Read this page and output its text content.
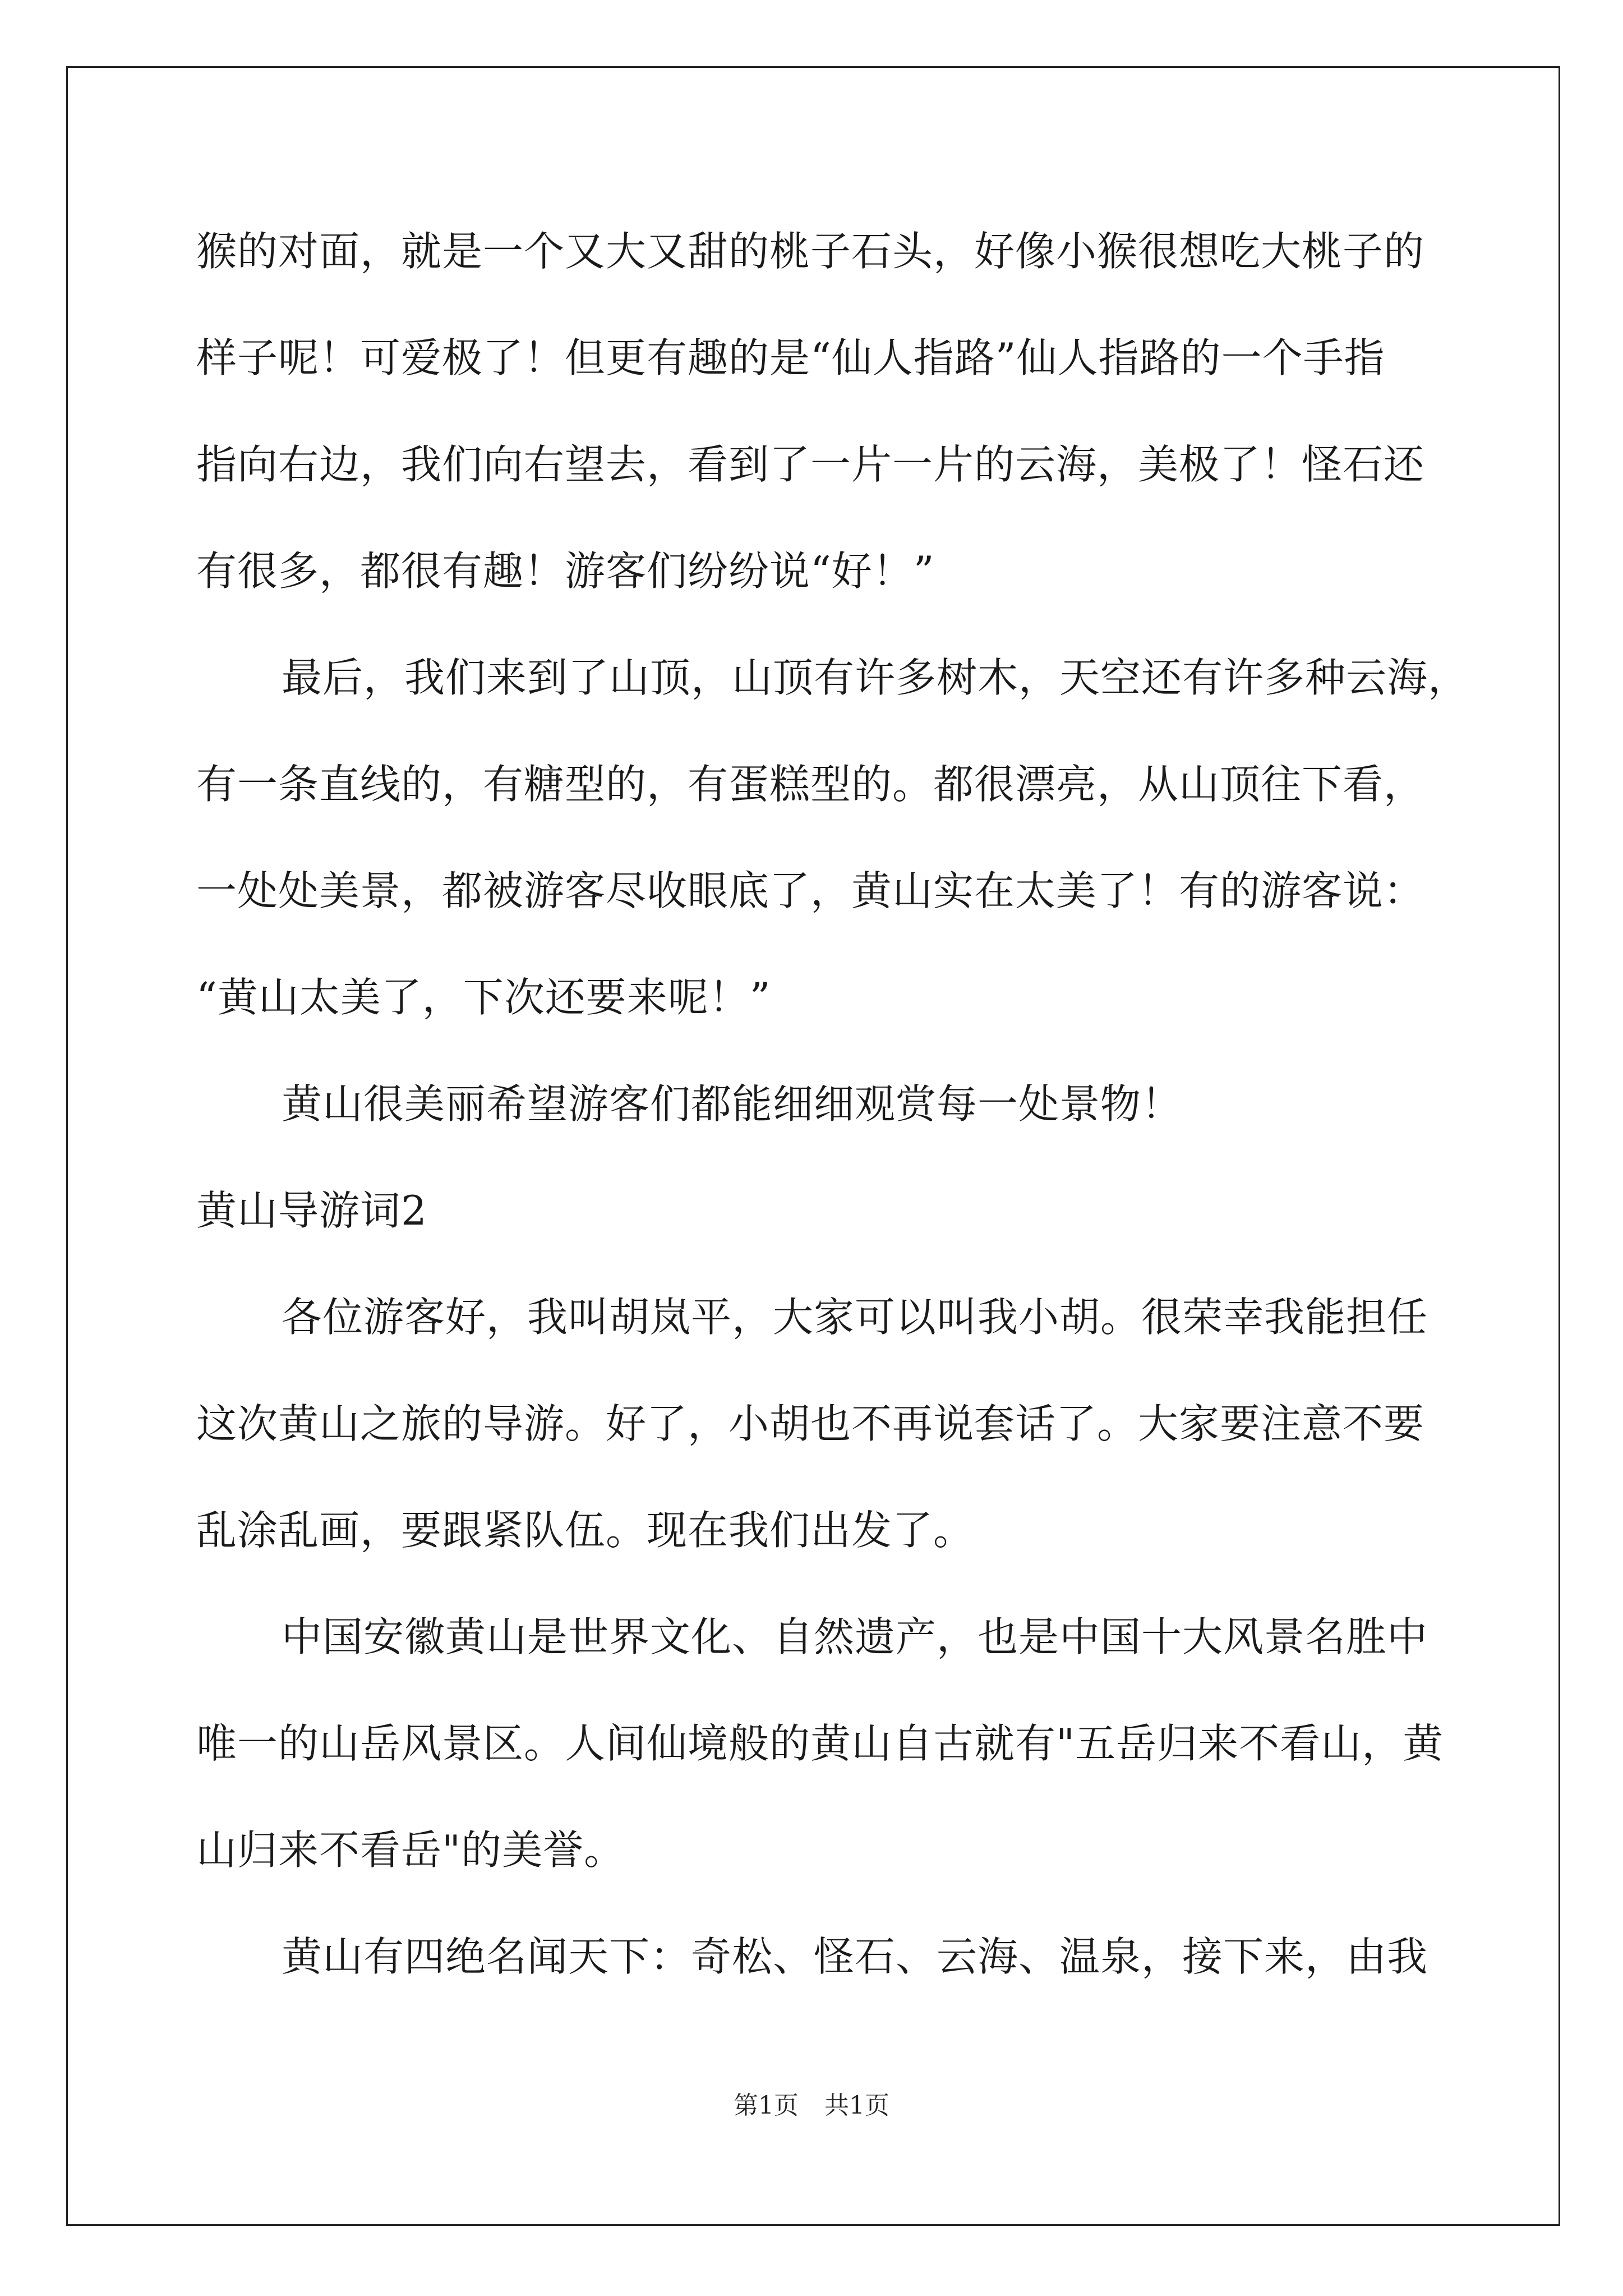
猴的对面，就是一个又大又甜的桃子石头，好像小猴很想吃大桃子的
样子呢！可爱极了！但更有趣的是“仙人指路”仙人指路的一个手指
指向右边，我们向右望去，看到了一片一片的云海，美极了！怪石还
有很多，都很有趣！游客们纷纷说“好！”
最后，我们来到了山顶，山顶有许多树木，天空还有许多种云海，
有一条直线的，有糖型的，有蛋糕型的。都很漂亮，从山顶往下看，
一处处美景，都被游客尽收眼底了，黄山实在太美了！有的游客说：
“黄山太美了，下次还要来呢！”
黄山很美丽希望游客们都能细细观赏每一处景物！
黄山导游词2
各位游客好，我叫胡岚平，大家可以叫我小胡。很荣幸我能担任
这次黄山之旅的导游。好了，小胡也不再说套话了。大家要注意不要
乱涂乱画，要跟紧队伍。现在我们出发了。
中国安徽黄山是世界文化、自然遗产，也是中国十大风景名胜中
唯一的山岳风景区。人间仙境般的黄山自古就有"五岳归来不看山，黄
山归来不看岳"的美誉。
黄山有四绝名闻天下：奇松、怪石、云海、温泉，接下来，由我
第1页 共1页
